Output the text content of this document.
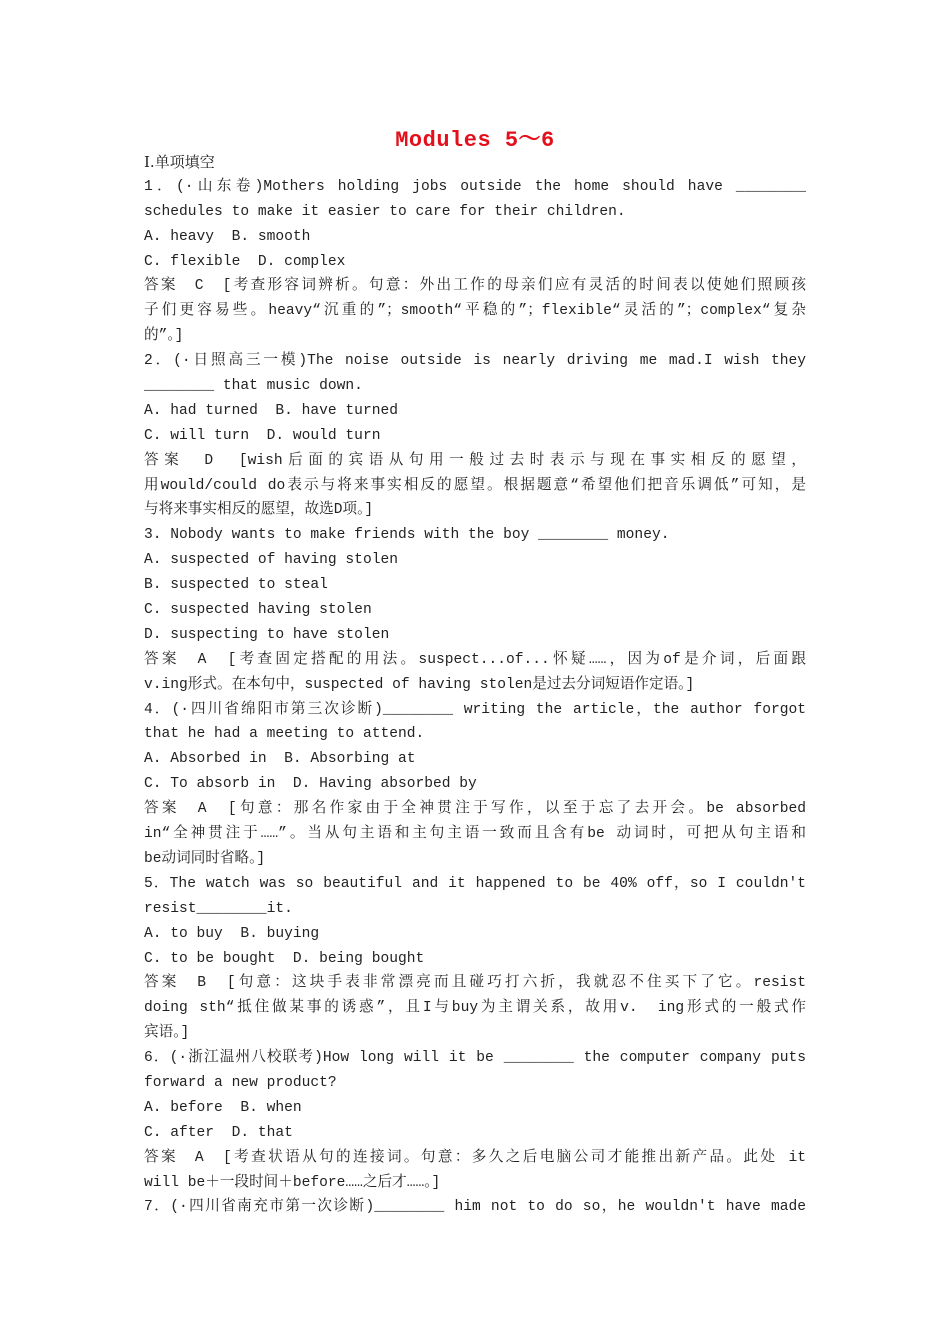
Modules 5～6
I.单项填空
1．(·山东卷)Mothers holding jobs outside the home should have ________
schedules to make it easier to care for their children.
A. heavy  B. smooth
C. flexible  D. complex
答案　C　[考查形容词辨析。句意：外出工作的母亲们应有灵活的时间表以使她们照顾孩
子们更容易些。heavy“沉重的”；smooth“平稳的”；flexible“灵活的”；complex“复杂
的”。]
2．(·日照高三一模)The noise outside is nearly driving me mad.I wish they
________ that music down.
A. had turned  B. have turned
C. will turn  D. would turn
答案　D　[wish后面的宾语从句用一般过去时表示与现在事实相反的愿望，
用would/could do表示与将来事实相反的愿望。根据题意“希望他们把音乐调低”可知，是
与将来事实相反的愿望，故选D项。]
3. Nobody wants to make friends with the boy ________ money.
A. suspected of having stolen
B. suspected to steal
C. suspected having stolen
D. suspecting to have stolen
答案　A　[考查固定搭配的用法。suspect...of...怀疑……，因为of是介词，后面跟
v.ing形式。在本句中，suspected of having stolen是过去分词短语作定语。]
4．(·四川省绵阳市第三次诊断)________ writing the article，the author forgot
that he had a meeting to attend.
A. Absorbed in  B. Absorbing at
C. To absorb in  D. Having absorbed by
答案　A　[句意：那名作家由于全神贯注于写作，以至于忘了去开会。be absorbed
in“全神贯注于……”。当从句主语和主句主语一致而且含有be 动词时，可把从句主语和
be动词同时省略。]
5．The watch was so beautiful and it happened to be 40% off，so I couldn't
resist________it.
A. to buy  B. buying
C. to be bought  D. being bought
答案　B　[句意：这块手表非常漂亮而且碰巧打六折，我就忍不住买下了它。resist
doing sth“抵住做某事的诱惑”，且I与buy为主谓关系，故用v.　ing形式的一般式作
宾语。]
6．(·浙江温州八校联考)How long will it be ________ the computer company puts
forward a new product?
A. before  B. when
C. after  D. that
答案　A　[考查状语从句的连接词。句意：多久之后电脑公司才能推出新产品。此处 it
will be＋一段时间＋before……之后才……。]
7．(·四川省南充市第一次诊断)________ him not to do so，he wouldn't have made
